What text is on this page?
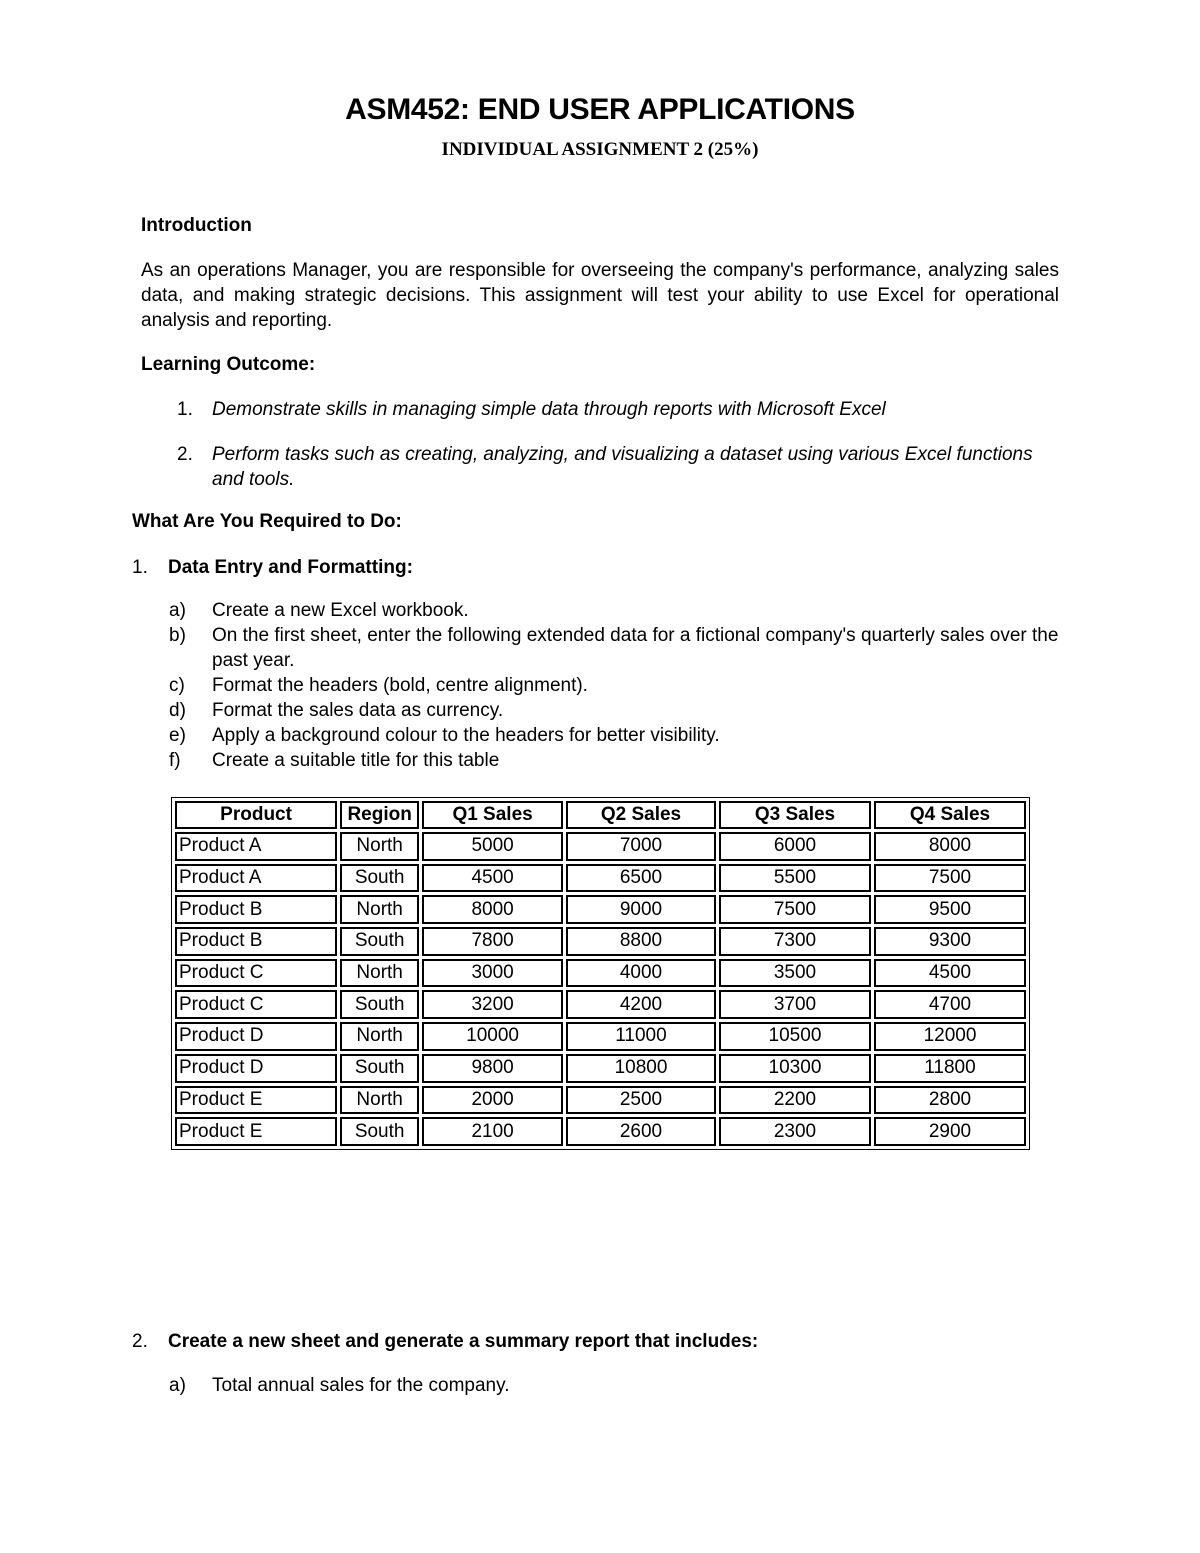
ASM452: END USER APPLICATIONS
INDIVIDUAL ASSIGNMENT 2 (25%)
Introduction
As an operations Manager, you are responsible for overseeing the company's performance, analyzing sales data, and making strategic decisions. This assignment will test your ability to use Excel for operational analysis and reporting.
Learning Outcome:
1. Demonstrate skills in managing simple data through reports with Microsoft Excel
2. Perform tasks such as creating, analyzing, and visualizing a dataset using various Excel functions and tools.
What Are You Required to Do:
1. Data Entry and Formatting:
a) Create a new Excel workbook.
b) On the first sheet, enter the following extended data for a fictional company's quarterly sales over the past year.
c) Format the headers (bold, centre alignment).
d) Format the sales data as currency.
e) Apply a background colour to the headers for better visibility.
f) Create a suitable title for this table
Product	Region	Q1 Sales	Q2 Sales	Q3 Sales	Q4 Sales
Product A	North	5000	7000	6000	8000
Product A	South	4500	6500	5500	7500
Product B	North	8000	9000	7500	9500
Product B	South	7800	8800	7300	9300
Product C	North	3000	4000	3500	4500
Product C	South	3200	4200	3700	4700
Product D	North	10000	11000	10500	12000
Product D	South	9800	10800	10300	11800
Product E	North	2000	2500	2200	2800
Product E	South	2100	2600	2300	2900
2. Create a new sheet and generate a summary report that includes:
a) Total annual sales for the company.
